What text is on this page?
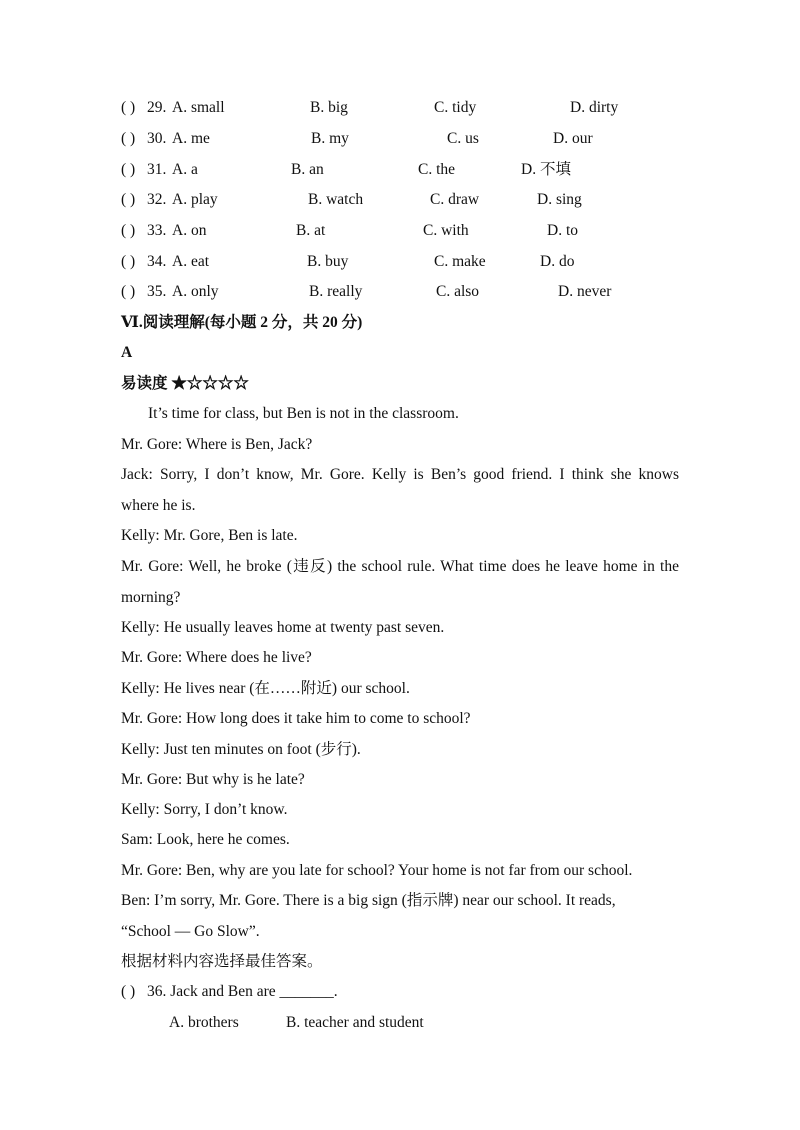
( ) 29. A. small	B. big	C. tidy	D. dirty
( ) 30. A. me	B. my	C. us	D. our
( ) 31. A. a	B. an	C. the	D. 不填
( ) 32. A. play	B. watch	C. draw	D. sing
( ) 33. A. on	B. at	C. with	D. to
( ) 34. A. eat	B. buy	C. make	D. do
( ) 35. A. only	B. really	C. also	D. never
Ⅵ.阅读理解(每小题 2 分，共 20 分)
A
易读度 ★☆☆☆☆
It’s time for class, but Ben is not in the classroom.
Mr. Gore: Where is Ben, Jack?
Jack: Sorry, I don’t know, Mr. Gore. Kelly is Ben’s good friend. I think she knows
where he is.
Kelly: Mr. Gore, Ben is late.
Mr. Gore: Well, he broke (违反) the school rule. What time does he leave home in the
morning?
Kelly: He usually leaves home at twenty past seven.
Mr. Gore: Where does he live?
Kelly: He lives near (在……附近) our school.
Mr. Gore: How long does it take him to come to school?
Kelly: Just ten minutes on foot (步行).
Mr. Gore: But why is he late?
Kelly: Sorry, I don’t know.
Sam: Look, here he comes.
Mr. Gore: Ben, why are you late for school? Your home is not far from our school.
Ben: I’m sorry, Mr. Gore. There is a big sign (指示牌) near our school. It reads,
“School — Go Slow”.
根据材料内容选择最佳答案。
( ) 36. Jack and Ben are _______.
A. brothers	B. teacher and student
